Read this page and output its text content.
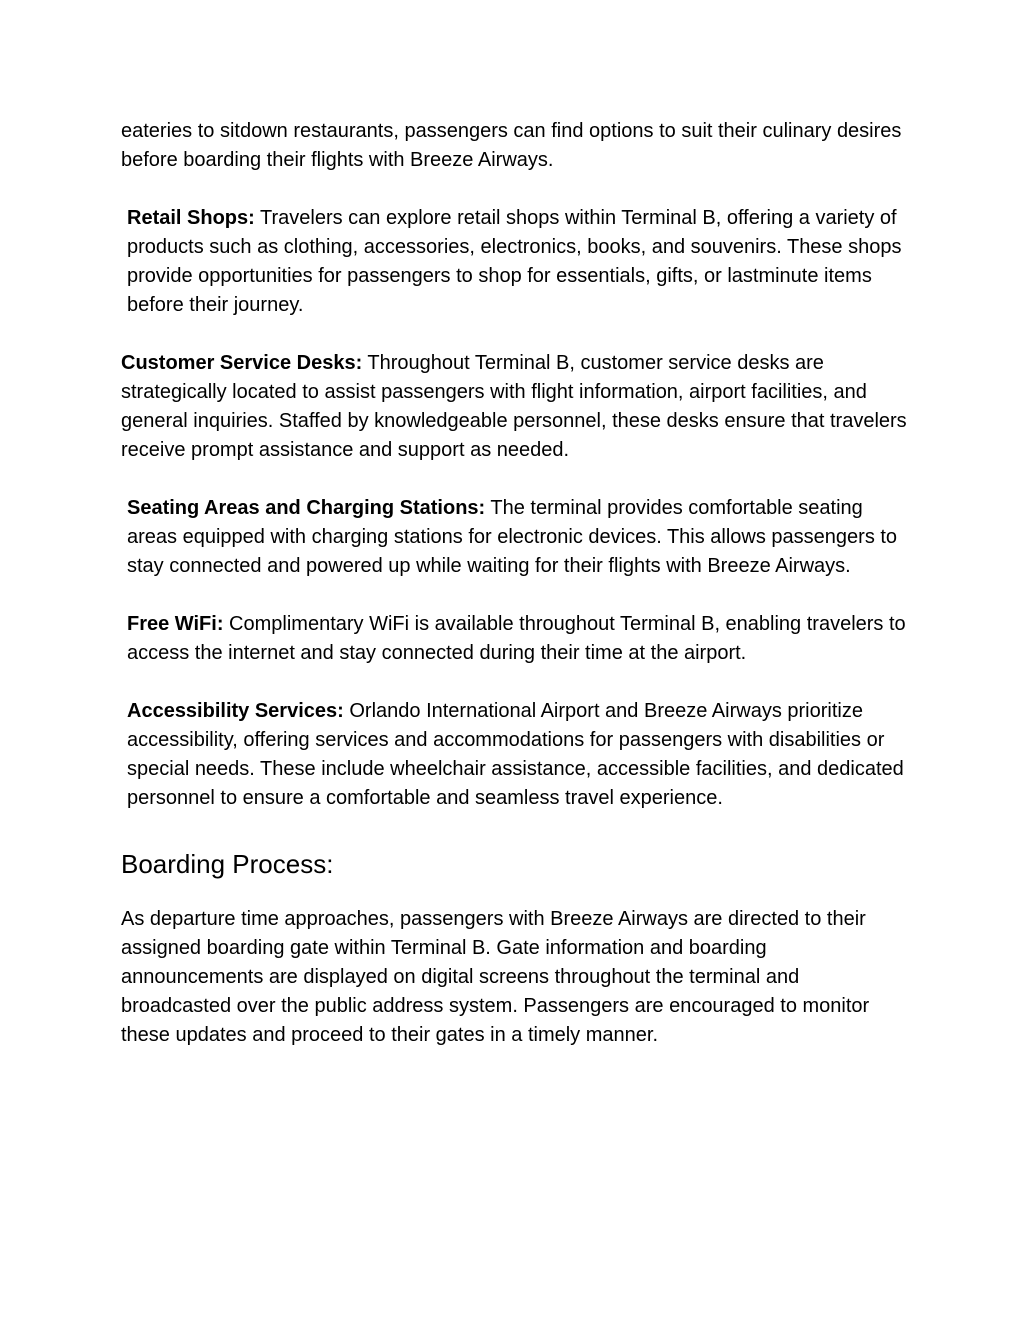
eateries to sitdown restaurants, passengers can find options to suit their culinary desires before boarding their flights with Breeze Airways.

Retail Shops: Travelers can explore retail shops within Terminal B, offering a variety of products such as clothing, accessories, electronics, books, and souvenirs. These shops provide opportunities for passengers to shop for essentials, gifts, or lastminute items before their journey.

Customer Service Desks: Throughout Terminal B, customer service desks are strategically located to assist passengers with flight information, airport facilities, and general inquiries. Staffed by knowledgeable personnel, these desks ensure that travelers receive prompt assistance and support as needed.

Seating Areas and Charging Stations: The terminal provides comfortable seating areas equipped with charging stations for electronic devices. This allows passengers to stay connected and powered up while waiting for their flights with Breeze Airways.

Free WiFi: Complimentary WiFi is available throughout Terminal B, enabling travelers to access the internet and stay connected during their time at the airport.

Accessibility Services: Orlando International Airport and Breeze Airways prioritize accessibility, offering services and accommodations for passengers with disabilities or special needs. These include wheelchair assistance, accessible facilities, and dedicated personnel to ensure a comfortable and seamless travel experience.

Boarding Process:

As departure time approaches, passengers with Breeze Airways are directed to their assigned boarding gate within Terminal B. Gate information and boarding announcements are displayed on digital screens throughout the terminal and broadcasted over the public address system. Passengers are encouraged to monitor these updates and proceed to their gates in a timely manner.
